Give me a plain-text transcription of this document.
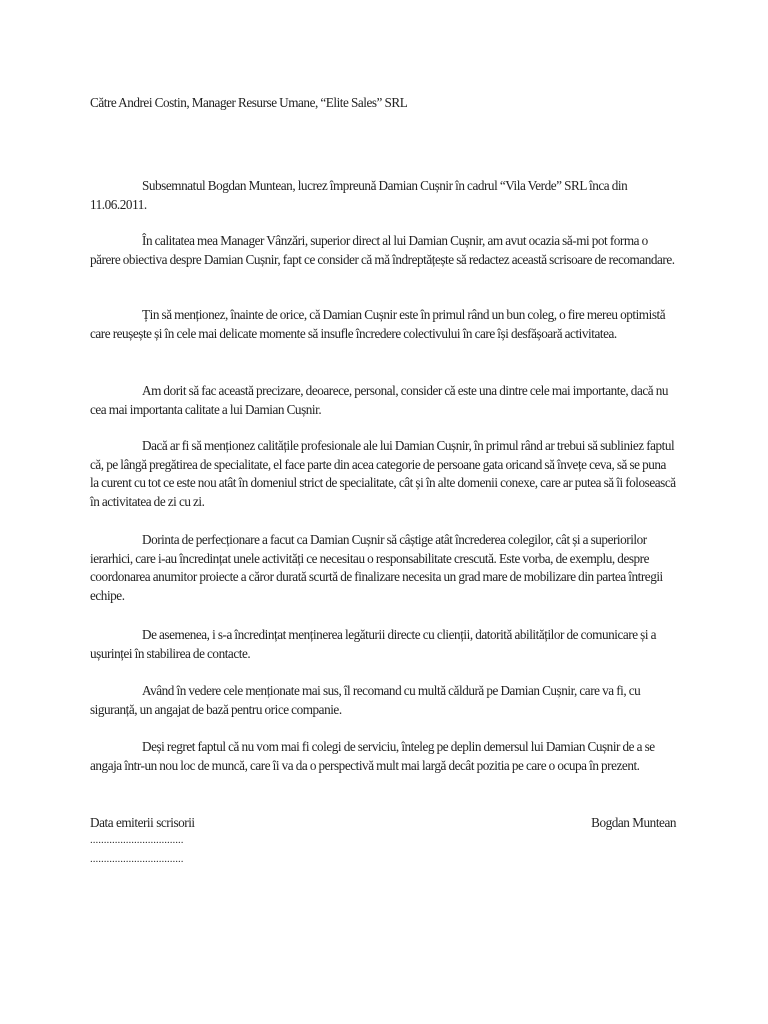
Către Andrei Costin, Manager Resurse Umane, “Elite Sales” SRL

Subsemnatul Bogdan Muntean, lucrez împreună Damian Cușnir în cadrul “Vila Verde” SRL înca din 11.06.2011.

În calitatea mea Manager Vânzări, superior direct al lui Damian Cușnir, am avut ocazia să-mi pot forma o părere obiectiva despre Damian Cușnir, fapt ce consider că mă îndreptățește să redactez această scrisoare de recomandare.

Țin să menționez, înainte de orice, că Damian Cușnir este în primul rând un bun coleg, o fire mereu optimistă care reușește și în cele mai delicate momente să insufle încredere colectivului în care își desfășoară activitatea.

Am dorit să fac această precizare, deoarece, personal, consider că este una dintre cele mai importante, dacă nu cea mai importanta calitate a lui Damian Cușnir.

Dacă ar fi să menționez calitățile profesionale ale lui Damian Cușnir, în primul rând ar trebui să subliniez faptul că, pe lângă pregătirea de specialitate, el face parte din acea categorie de persoane gata oricand să învețe ceva, să se puna la curent cu tot ce este nou atât în domeniul strict de specialitate, cât și în alte domenii conexe, care ar putea să îi folosească în activitatea de zi cu zi.

Dorinta de perfecționare a facut ca Damian Cușnir să câștige atât încrederea colegilor, cât și a superiorilor ierarhici, care i-au încredințat unele activități ce necesitau o responsabilitate crescută. Este vorba, de exemplu, despre coordonarea anumitor proiecte a căror durată scurtă de finalizare necesita un grad mare de mobilizare din partea întregii echipe.

De asemenea, i s-a încredințat menținerea legăturii directe cu clienții, datorită abilităților de comunicare și a ușurinței în stabilirea de contacte.

Având în vedere cele menționate mai sus, îl recomand cu multă căldură pe Damian Cușnir, care va fi, cu siguranță, un angajat de bază pentru orice companie.

Deși regret faptul că nu vom mai fi colegi de serviciu, înteleg pe deplin demersul lui Damian Cușnir de a se angaja într-un nou loc de muncă, care îi va da o perspectivă mult mai largă decât pozitia pe care o ocupa în prezent.

Data emiterii scrisorii	Bogdan Muntean
..................................
..................................
